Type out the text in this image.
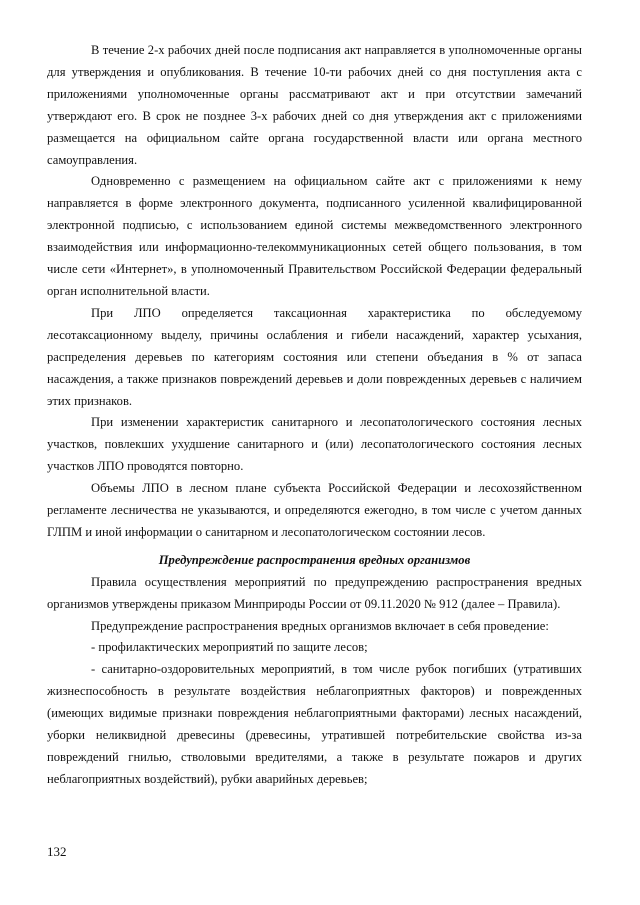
В течение 2-х рабочих дней после подписания акт направляется в уполномоченные органы для утверждения и опубликования. В течение 10-ти рабочих дней со дня поступления акта с приложениями уполномоченные органы рассматривают акт и при отсутствии замечаний утверждают его. В срок не позднее 3-х рабочих дней со дня утверждения акт с приложениями размещается на официальном сайте органа государственной власти или органа местного самоуправления.

Одновременно с размещением на официальном сайте акт с приложениями к нему направляется в форме электронного документа, подписанного усиленной квалифицированной электронной подписью, с использованием единой системы межведомственного электронного взаимодействия или информационно-телекоммуникационных сетей общего пользования, в том числе сети «Интернет», в уполномоченный Правительством Российской Федерации федеральный орган исполнительной власти.

При ЛПО определяется таксационная характеристика по обследуемому лесотаксационному выделу, причины ослабления и гибели насаждений, характер усыхания, распределения деревьев по категориям состояния или степени объедания в % от запаса насаждения, а также признаков повреждений деревьев и доли поврежденных деревьев с наличием этих признаков.

При изменении характеристик санитарного и лесопатологического состояния лесных участков, повлекших ухудшение санитарного и (или) лесопатологического состояния лесных участков ЛПО проводятся повторно.

Объемы ЛПО в лесном плане субъекта Российской Федерации и лесохозяйственном регламенте лесничества не указываются, и определяются ежегодно, в том числе с учетом данных ГЛПМ и иной информации о санитарном и лесопатологическом состоянии лесов.

Предупреждение распространения вредных организмов

Правила осуществления мероприятий по предупреждению распространения вредных организмов утверждены приказом Минприроды России от 09.11.2020 № 912 (далее – Правила).

Предупреждение распространения вредных организмов включает в себя проведение:

- профилактических мероприятий по защите лесов;

- санитарно-оздоровительных мероприятий, в том числе рубок погибших (утративших жизнеспособность в результате воздействия неблагоприятных факторов) и поврежденных (имеющих видимые признаки повреждения неблагоприятными факторами) лесных насаждений, уборки неликвидной древесины (древесины, утратившей потребительские свойства из-за повреждений гнилью, стволовыми вредителями, а также в результате пожаров и других неблагоприятных воздействий), рубки аварийных деревьев;

132
